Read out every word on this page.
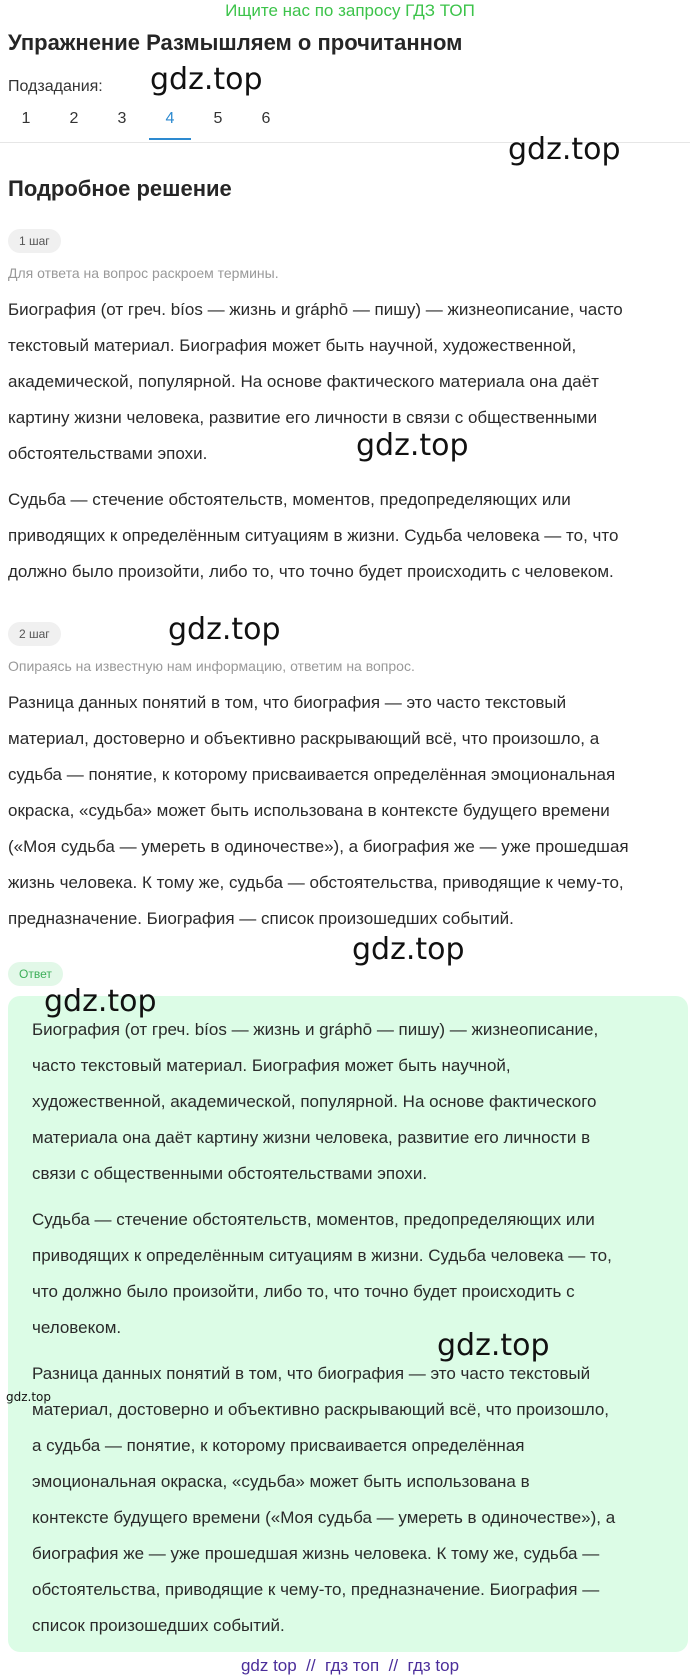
Ищите нас по запросу ГДЗ ТОП
Упражнение Размышляем о прочитанном
Подзадания:
1	2	3	4	5	6
Подробное решение
1 шаг
Для ответа на вопрос раскроем термины.
Биография (от греч. bíos — жизнь и gráphō — пишу) — жизнеописание, часто
текстовый материал. Биография может быть научной, художественной,
академической, популярной. На основе фактического материала она даёт
картину жизни человека, развитие его личности в связи с общественными
обстоятельствами эпохи.
Судьба — стечение обстоятельств, моментов, предопределяющих или
приводящих к определённым ситуациям в жизни. Судьба человека — то, что
должно было произойти, либо то, что точно будет происходить с человеком.
2 шаг
Опираясь на известную нам информацию, ответим на вопрос.
Разница данных понятий в том, что биография — это часто текстовый
материал, достоверно и объективно раскрывающий всё, что произошло, а
судьба — понятие, к которому присваивается определённая эмоциональная
окраска, «судьба» может быть использована в контексте будущего времени
(«Моя судьба — умереть в одиночестве»), а биография же — уже прошедшая
жизнь человека. К тому же, судьба — обстоятельства, приводящие к чему-то,
предназначение. Биография — список произошедших событий.
Ответ
Биография (от греч. bíos — жизнь и gráphō — пишу) — жизнеописание,
часто текстовый материал. Биография может быть научной,
художественной, академической, популярной. На основе фактического
материала она даёт картину жизни человека, развитие его личности в
связи с общественными обстоятельствами эпохи.
Судьба — стечение обстоятельств, моментов, предопределяющих или
приводящих к определённым ситуациям в жизни. Судьба человека — то,
что должно было произойти, либо то, что точно будет происходить с
человеком.
Разница данных понятий в том, что биография — это часто текстовый
материал, достоверно и объективно раскрывающий всё, что произошло,
а судьба — понятие, к которому присваивается определённая
эмоциональная окраска, «судьба» может быть использована в
контексте будущего времени («Моя судьба — умереть в одиночестве»), а
биография же — уже прошедшая жизнь человека. К тому же, судьба —
обстоятельства, приводящие к чему-то, предназначение. Биография —
список произошедших событий.
gdz.top
gdz.top
gdz.top
gdz.top
gdz.top
gdz.top
gdz.top
gdz.top
gdz top  //  гдз топ  //  гдз top
